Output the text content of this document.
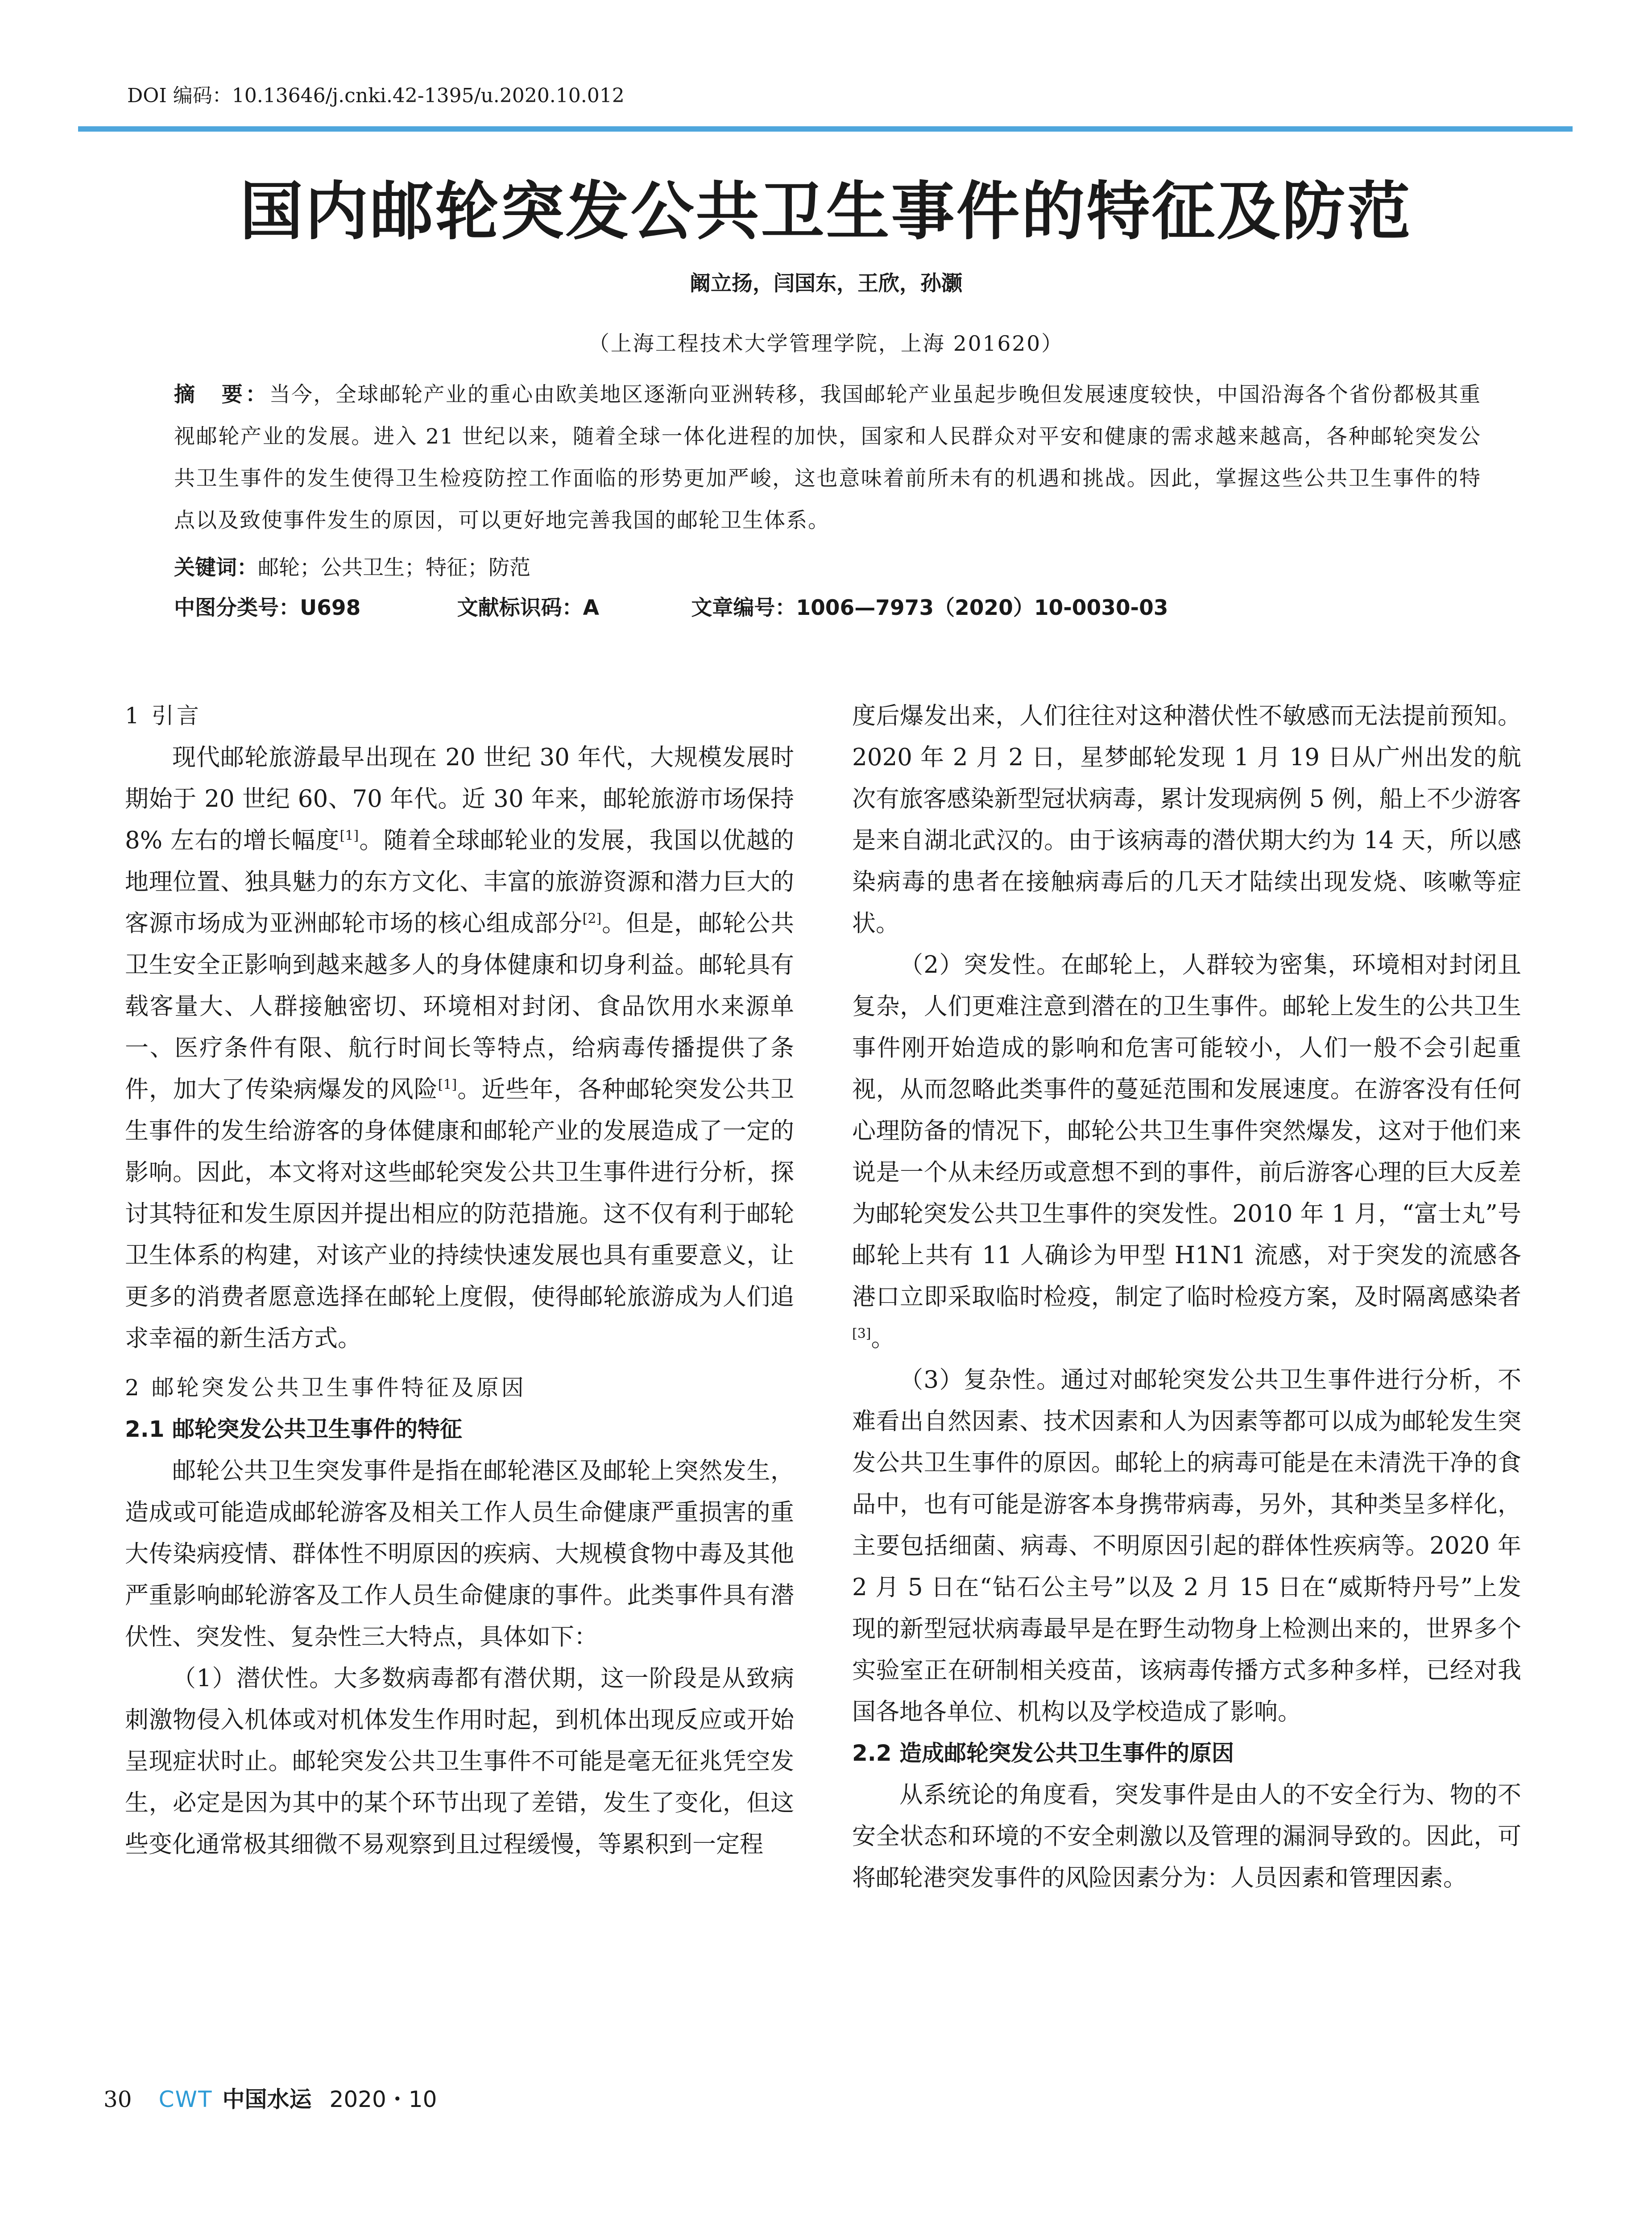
DOI 编码：10.13646/j.cnki.42-1395/u.2020.10.012
国内邮轮突发公共卫生事件的特征及防范
阚立扬，闫国东，王欣，孙灏
（上海工程技术大学管理学院，上海 201620）
摘　要：当今，全球邮轮产业的重心由欧美地区逐渐向亚洲转移，我国邮轮产业虽起步晚但发展速度较快，中国沿海各个省份都极其重视邮轮产业的发展。进入 21 世纪以来，随着全球一体化进程的加快，国家和人民群众对平安和健康的需求越来越高，各种邮轮突发公共卫生事件的发生使得卫生检疫防控工作面临的形势更加严峻，这也意味着前所未有的机遇和挑战。因此，掌握这些公共卫生事件的特点以及致使事件发生的原因，可以更好地完善我国的邮轮卫生体系。
关键词：邮轮；公共卫生；特征；防范
中图分类号：U698	文献标识码：A	文章编号：1006—7973（2020）10-0030-03
1 引言

现代邮轮旅游最早出现在 20 世纪 30 年代，大规模发展时期始于 20 世纪 60、70 年代。近 30 年来，邮轮旅游市场保持 8% 左右的增长幅度[1]。随着全球邮轮业的发展，我国以优越的地理位置、独具魅力的东方文化、丰富的旅游资源和潜力巨大的客源市场成为亚洲邮轮市场的核心组成部分[2]。但是，邮轮公共卫生安全正影响到越来越多人的身体健康和切身利益。邮轮具有载客量大、人群接触密切、环境相对封闭、食品饮用水来源单一、医疗条件有限、航行时间长等特点，给病毒传播提供了条件，加大了传染病爆发的风险[1]。近些年，各种邮轮突发公共卫生事件的发生给游客的身体健康和邮轮产业的发展造成了一定的影响。因此，本文将对这些邮轮突发公共卫生事件进行分析，探讨其特征和发生原因并提出相应的防范措施。这不仅有利于邮轮卫生体系的构建，对该产业的持续快速发展也具有重要意义，让更多的消费者愿意选择在邮轮上度假，使得邮轮旅游成为人们追求幸福的新生活方式。

2 邮轮突发公共卫生事件特征及原因
2.1 邮轮突发公共卫生事件的特征

邮轮公共卫生突发事件是指在邮轮港区及邮轮上突然发生，造成或可能造成邮轮游客及相关工作人员生命健康严重损害的重大传染病疫情、群体性不明原因的疾病、大规模食物中毒及其他严重影响邮轮游客及工作人员生命健康的事件。此类事件具有潜伏性、突发性、复杂性三大特点，具体如下：

（1）潜伏性。大多数病毒都有潜伏期，这一阶段是从致病刺激物侵入机体或对机体发生作用时起，到机体出现反应或开始呈现症状时止。邮轮突发公共卫生事件不可能是毫无征兆凭空发生，必定是因为其中的某个环节出现了差错，发生了变化，但这些变化通常极其细微不易观察到且过程缓慢，等累积到一定程

度后爆发出来，人们往往对这种潜伏性不敏感而无法提前预知。2020 年 2 月 2 日，星梦邮轮发现 1 月 19 日从广州出发的航次有旅客感染新型冠状病毒，累计发现病例 5 例，船上不少游客是来自湖北武汉的。由于该病毒的潜伏期大约为 14 天，所以感染病毒的患者在接触病毒后的几天才陆续出现发烧、咳嗽等症状。

（2）突发性。在邮轮上，人群较为密集，环境相对封闭且复杂，人们更难注意到潜在的卫生事件。邮轮上发生的公共卫生事件刚开始造成的影响和危害可能较小，人们一般不会引起重视，从而忽略此类事件的蔓延范围和发展速度。在游客没有任何心理防备的情况下，邮轮公共卫生事件突然爆发，这对于他们来说是一个从未经历或意想不到的事件，前后游客心理的巨大反差为邮轮突发公共卫生事件的突发性。2010 年 1 月，“富士丸”号邮轮上共有 11 人确诊为甲型 H1N1 流感，对于突发的流感各港口立即采取临时检疫，制定了临时检疫方案，及时隔离感染者[3]。

（3）复杂性。通过对邮轮突发公共卫生事件进行分析，不难看出自然因素、技术因素和人为因素等都可以成为邮轮发生突发公共卫生事件的原因。邮轮上的病毒可能是在未清洗干净的食品中，也有可能是游客本身携带病毒，另外，其种类呈多样化，主要包括细菌、病毒、不明原因引起的群体性疾病等。2020 年 2 月 5 日在“钻石公主号”以及 2 月 15 日在“威斯特丹号”上发现的新型冠状病毒最早是在野生动物身上检测出来的，世界多个实验室正在研制相关疫苗，该病毒传播方式多种多样，已经对我国各地各单位、机构以及学校造成了影响。

2.2 造成邮轮突发公共卫生事件的原因

从系统论的角度看，突发事件是由人的不安全行为、物的不安全状态和环境的不安全刺激以及管理的漏洞导致的。因此，可将邮轮港突发事件的风险因素分为：人员因素和管理因素。

30 CWT 中国水运 2020・10
